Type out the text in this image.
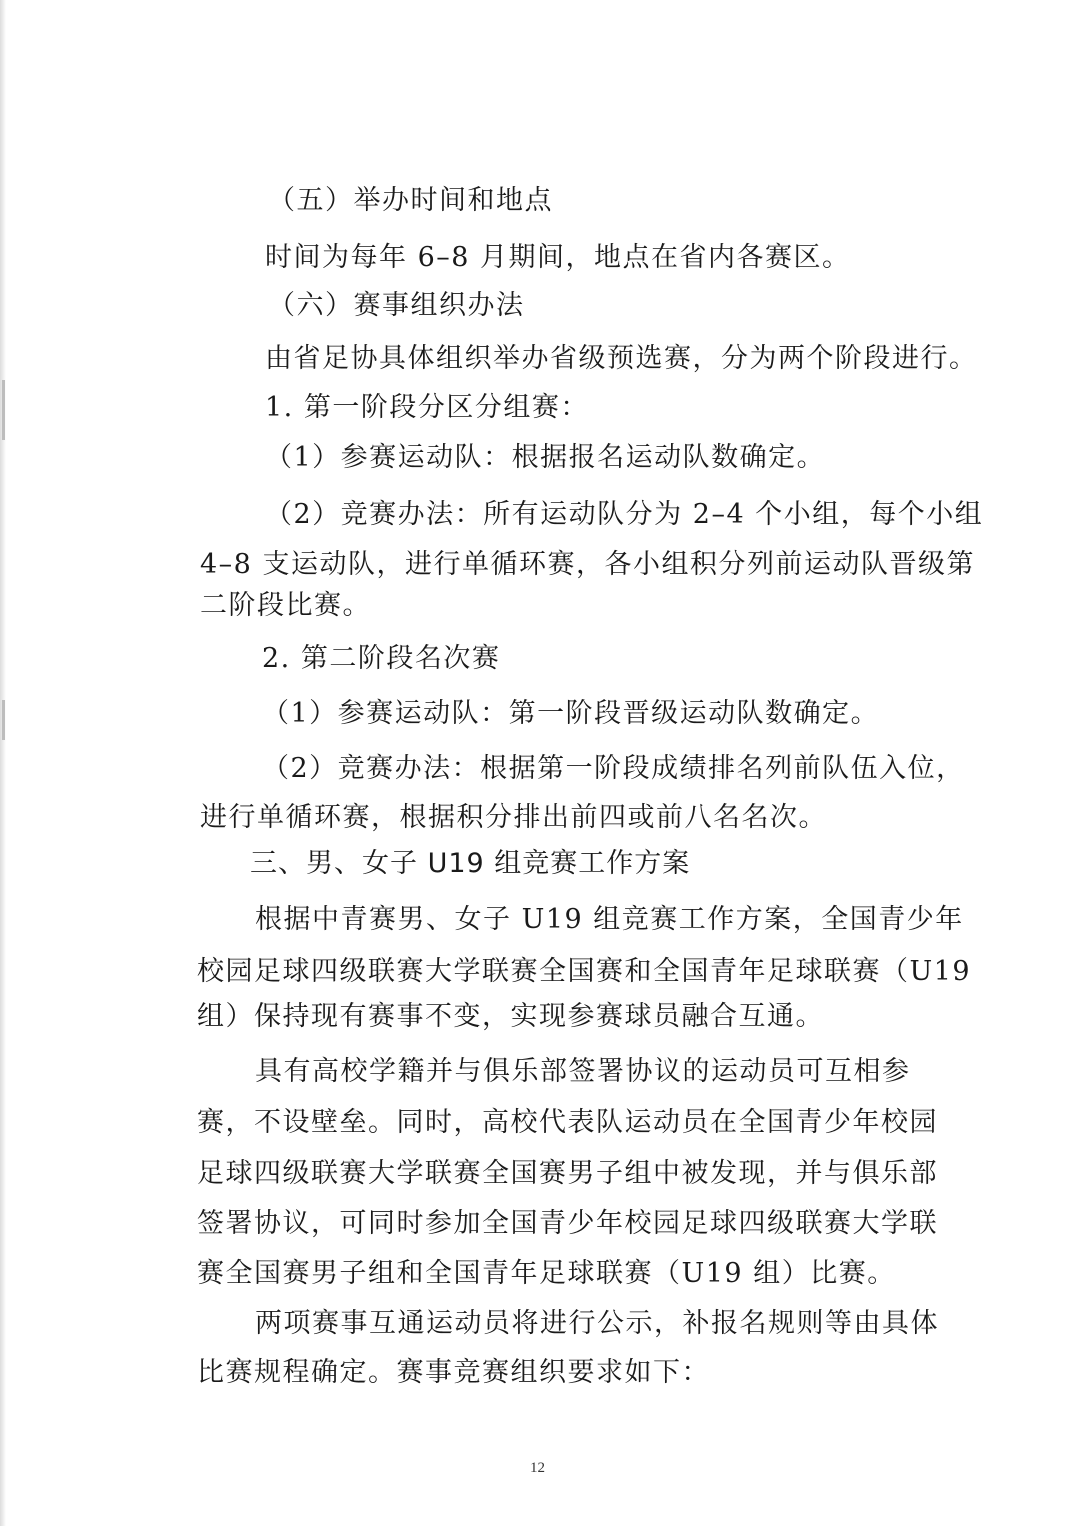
（五）举办时间和地点
时间为每年 6–8 月期间，地点在省内各赛区。
（六）赛事组织办法
由省足协具体组织举办省级预选赛，分为两个阶段进行。
1. 第一阶段分区分组赛：
（1）参赛运动队：根据报名运动队数确定。
（2）竞赛办法：所有运动队分为 2–4 个小组，每个小组
4–8 支运动队，进行单循环赛，各小组积分列前运动队晋级第
二阶段比赛。
2. 第二阶段名次赛
（1）参赛运动队：第一阶段晋级运动队数确定。
（2）竞赛办法：根据第一阶段成绩排名列前队伍入位，
进行单循环赛，根据积分排出前四或前八名名次。
三、男、女子 U19 组竞赛工作方案
根据中青赛男、女子 U19 组竞赛工作方案，全国青少年
校园足球四级联赛大学联赛全国赛和全国青年足球联赛（U19
组）保持现有赛事不变，实现参赛球员融合互通。
具有高校学籍并与俱乐部签署协议的运动员可互相参
赛，不设壁垒。同时，高校代表队运动员在全国青少年校园
足球四级联赛大学联赛全国赛男子组中被发现，并与俱乐部
签署协议，可同时参加全国青少年校园足球四级联赛大学联
赛全国赛男子组和全国青年足球联赛（U19 组）比赛。
两项赛事互通运动员将进行公示，补报名规则等由具体
比赛规程确定。赛事竞赛组织要求如下：
12
